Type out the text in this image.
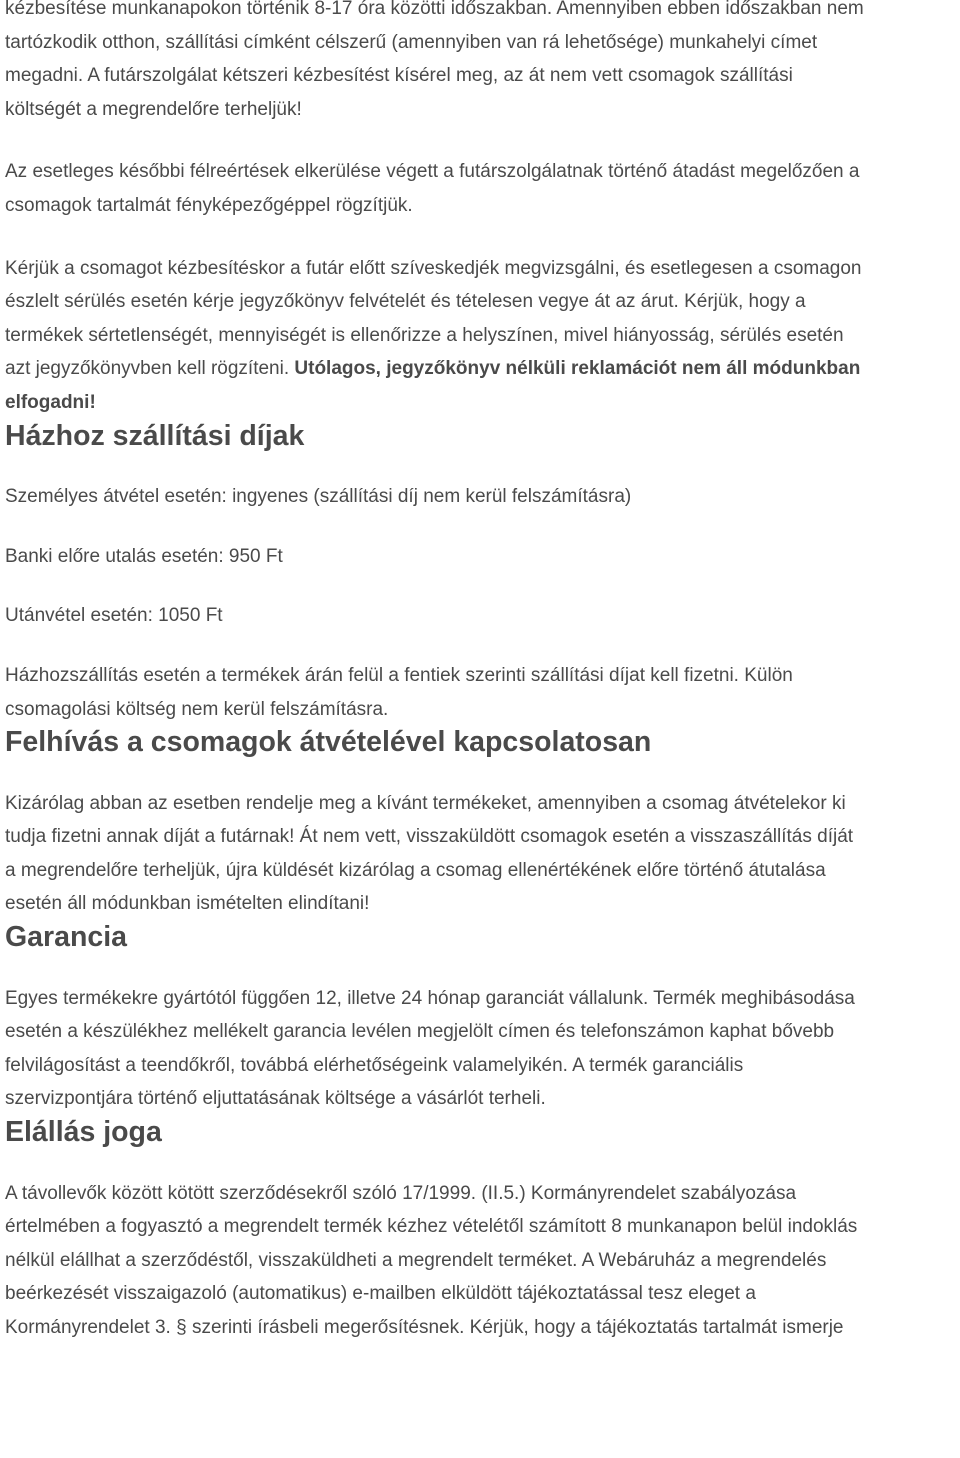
kézbesítése munkanapokon történik 8-17 óra közötti időszakban. Amennyiben ebben időszakban nem
tartózkodik otthon, szállítási címként célszerű (amennyiben van rá lehetősége) munkahelyi címet
megadni. A futárszolgálat kétszeri kézbesítést kísérel meg, az át nem vett csomagok szállítási
költségét a megrendelőre terheljük!

Az esetleges későbbi félreértések elkerülése végett a futárszolgálatnak történő átadást megelőzően a
csomagok tartalmát fényképezőgéppel rögzítjük.

Kérjük a csomagot kézbesítéskor a futár előtt szíveskedjék megvizsgálni, és esetlegesen a csomagon
észlelt sérülés esetén kérje jegyzőkönyv felvételét és tételesen vegye át az árut. Kérjük, hogy a
termékek sértetlenségét, mennyiségét is ellenőrizze a helyszínen, mivel hiányosság, sérülés esetén
azt jegyzőkönyvben kell rögzíteni. Utólagos, jegyzőkönyv nélküli reklamációt nem áll módunkban
elfogadni!

Házhoz szállítási díjak

Személyes átvétel esetén: ingyenes (szállítási díj nem kerül felszámításra)

Banki előre utalás esetén: 950 Ft

Utánvétel esetén: 1050 Ft

Házhozszállítás esetén a termékek árán felül a fentiek szerinti szállítási díjat kell fizetni. Külön
csomagolási költség nem kerül felszámításra.

Felhívás a csomagok átvételével kapcsolatosan

Kizárólag abban az esetben rendelje meg a kívánt termékeket, amennyiben a csomag átvételekor ki
tudja fizetni annak díját a futárnak! Át nem vett, visszaküldött csomagok esetén a visszaszállítás díját
a megrendelőre terheljük, újra küldését kizárólag a csomag ellenértékének előre történő átutalása
esetén áll módunkban ismételten elindítani!

Garancia

Egyes termékekre gyártótól függően 12, illetve 24 hónap garanciát vállalunk. Termék meghibásodása
esetén a készülékhez mellékelt garancia levélen megjelölt címen és telefonszámon kaphat bővebb
felvilágosítást a teendőkről, továbbá elérhetőségeink valamelyikén. A termék garanciális
szervizpontjára történő eljuttatásának költsége a vásárlót terheli.

Elállás joga

A távollevők között kötött szerződésekről szóló 17/1999. (II.5.) Kormányrendelet szabályozása
értelmében a fogyasztó a megrendelt termék kézhez vételétől számított 8 munkanapon belül indoklás
nélkül elállhat a szerződéstől, visszaküldheti a megrendelt terméket. A Webáruház a megrendelés
beérkezését visszaigazoló (automatikus) e-mailben elküldött tájékoztatással tesz eleget a
Kormányrendelet 3. § szerinti írásbeli megerősítésnek. Kérjük, hogy a tájékoztatás tartalmát ismerje
